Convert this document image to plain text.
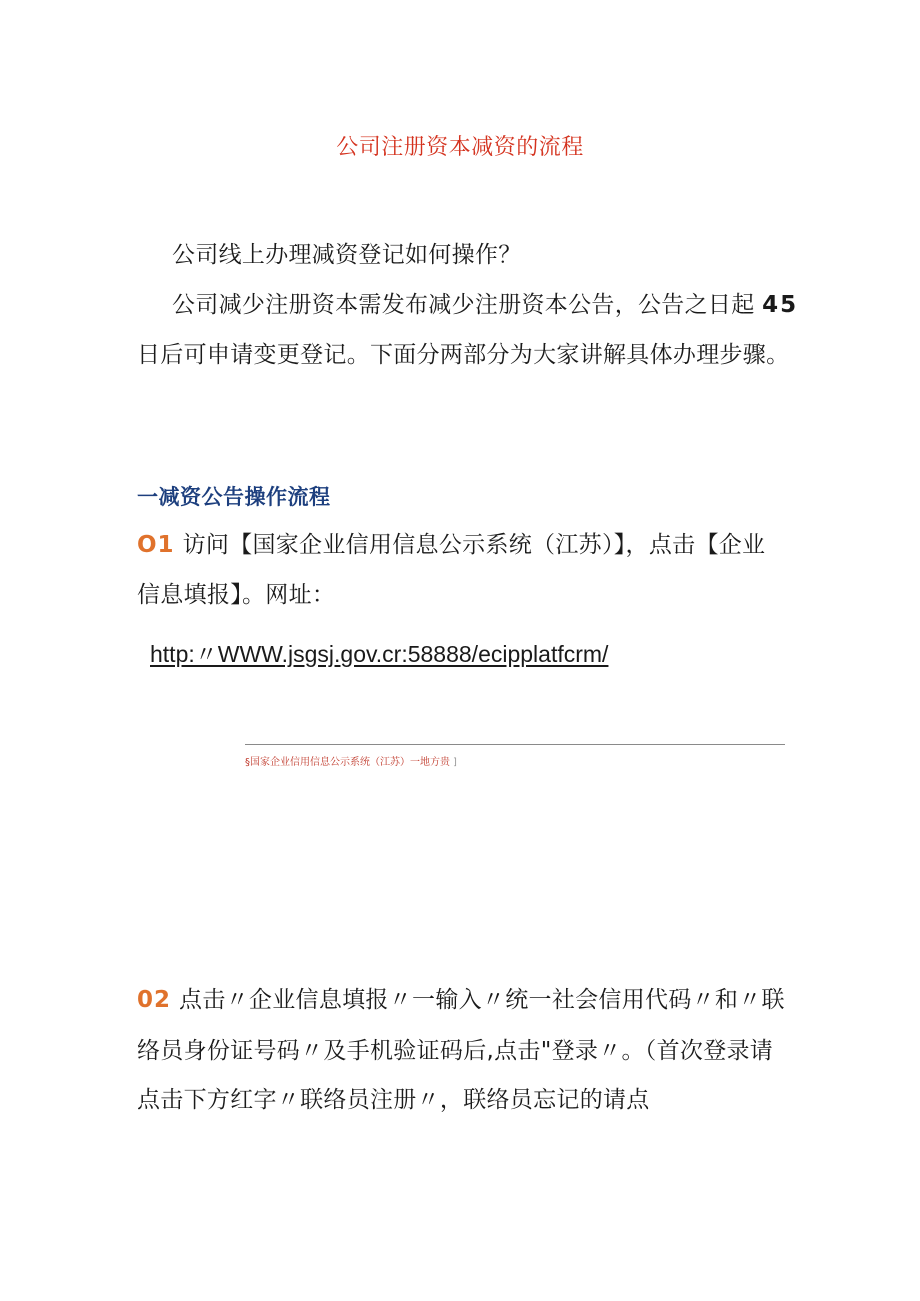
公司注册资本减资的流程
公司线上办理减资登记如何操作？
公司减少注册资本需发布减少注册资本公告，公告之日起 45
日后可申请变更登记。下面分两部分为大家讲解具体办理步骤。
一减资公告操作流程
O1 访问【国家企业信用信息公示系统（江苏）】，点击【企业
信息填报】。网址：
http:〃WWW.jsgsj.gov.cr:58888/ecipplatfcrm/
§国家企业信用信息公示系统（江苏）一地方贵 ]
02 点击〃企业信息填报〃一输入〃统一社会信用代码〃和〃联
络员身份证号码〃及手机验证码后,点击"登录〃。（首次登录请
点击下方红字〃联络员注册〃，联络员忘记的请点
